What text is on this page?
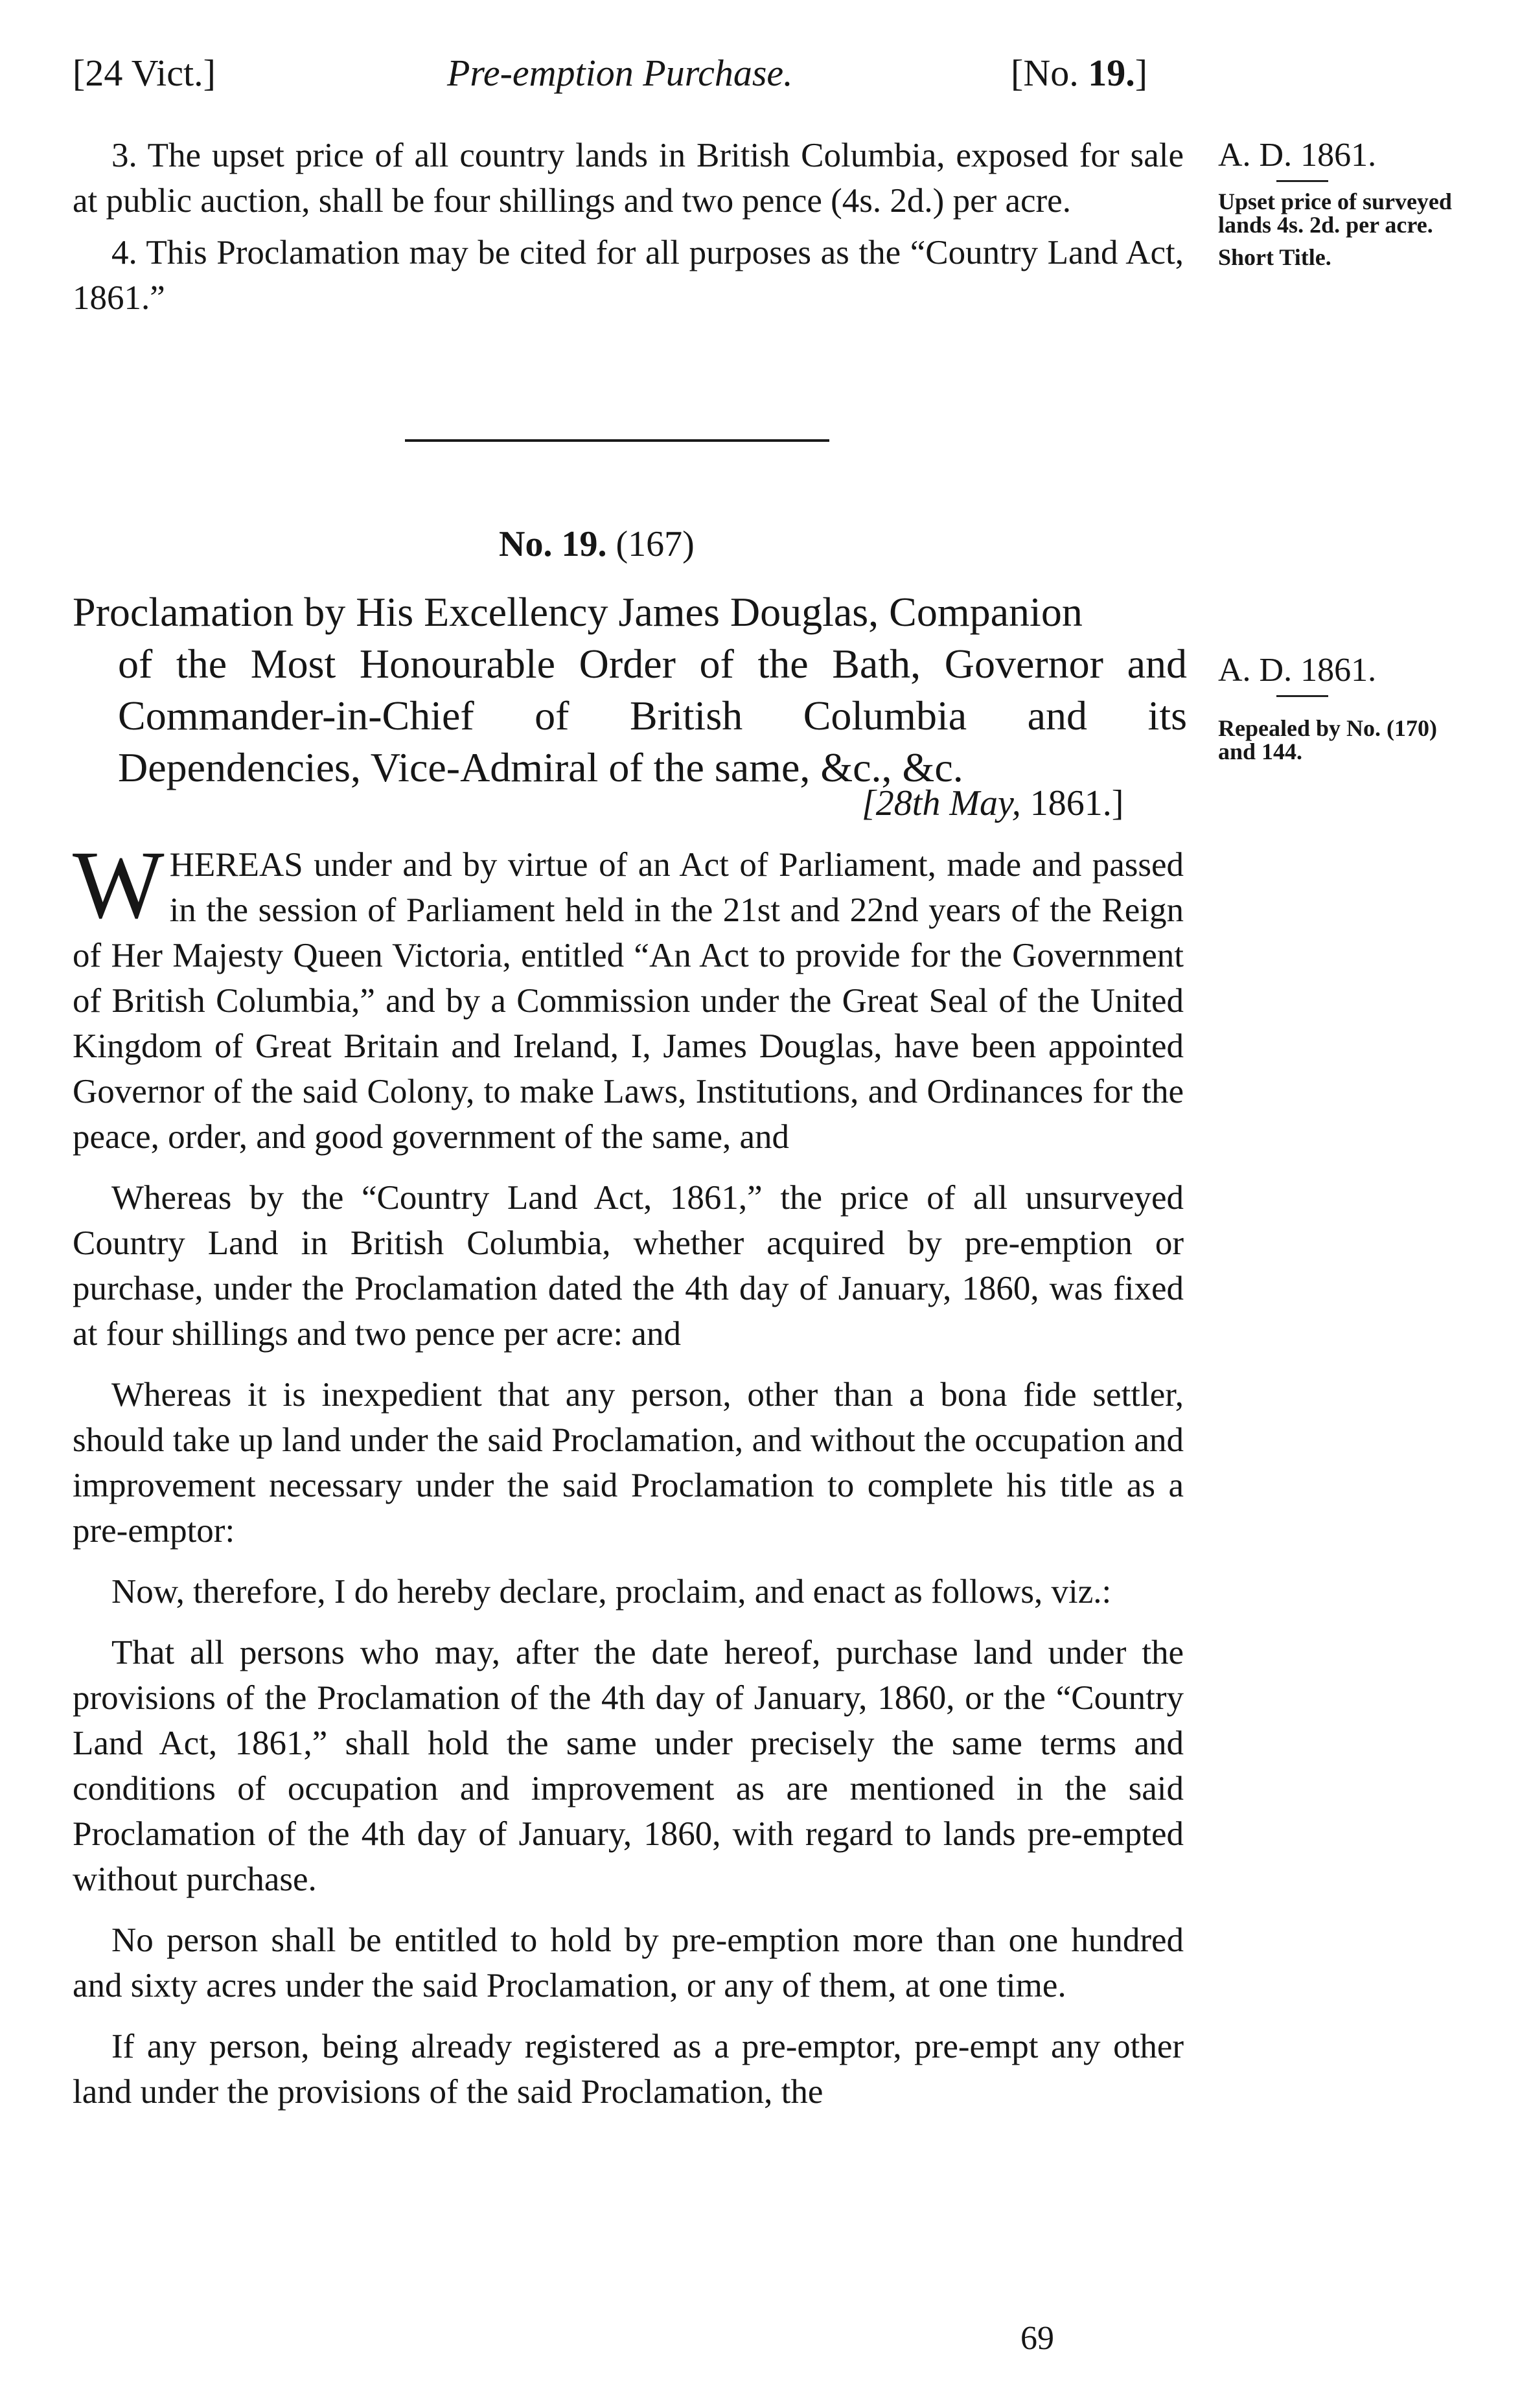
[24 Vict.]	Pre-emption Purchase.	[No. 19.]

3. The upset price of all country lands in British Columbia, exposed for sale at public auction, shall be four shillings and two pence (4s. 2d.) per acre.

4. This Proclamation may be cited for all purposes as the “Country Land Act, 1861.”

A. D. 1861.
Upset price of surveyed lands 4s. 2d. per acre.
Short Title.
No. 19. (167)
Proclamation by His Excellency James Douglas, Companion
of the Most Honourable Order of the Bath, Governor and Commander-in-Chief of British Columbia and its Dependencies, Vice-Admiral of the same, &c., &c.
A. D. 1861.
Repealed by No. (170) and 144.
[28th May, 1861.]

WHEREAS under and by virtue of an Act of Parliament, made and passed in the session of Parliament held in the 21st and 22nd years of the Reign of Her Majesty Queen Victoria, entitled “An Act to provide for the Government of British Columbia,” and by a Commission under the Great Seal of the United Kingdom of Great Britain and Ireland, I, James Douglas, have been appointed Governor of the said Colony, to make Laws, Institutions, and Ordinances for the peace, order, and good government of the same, and

Whereas by the “Country Land Act, 1861,” the price of all unsurveyed Country Land in British Columbia, whether acquired by pre-emption or purchase, under the Proclamation dated the 4th day of January, 1860, was fixed at four shillings and two pence per acre: and

Whereas it is inexpedient that any person, other than a bona fide settler, should take up land under the said Proclamation, and without the occupation and improvement necessary under the said Proclamation to complete his title as a pre-emptor:

Now, therefore, I do hereby declare, proclaim, and enact as follows, viz.:

That all persons who may, after the date hereof, purchase land under the provisions of the Proclamation of the 4th day of January, 1860, or the “Country Land Act, 1861,” shall hold the same under precisely the same terms and conditions of occupation and improvement as are mentioned in the said Proclamation of the 4th day of January, 1860, with regard to lands pre-empted without purchase.

No person shall be entitled to hold by pre-emption more than one hundred and sixty acres under the said Proclamation, or any of them, at one time.

If any person, being already registered as a pre-emptor, pre-empt any other land under the provisions of the said Proclamation, the

69
